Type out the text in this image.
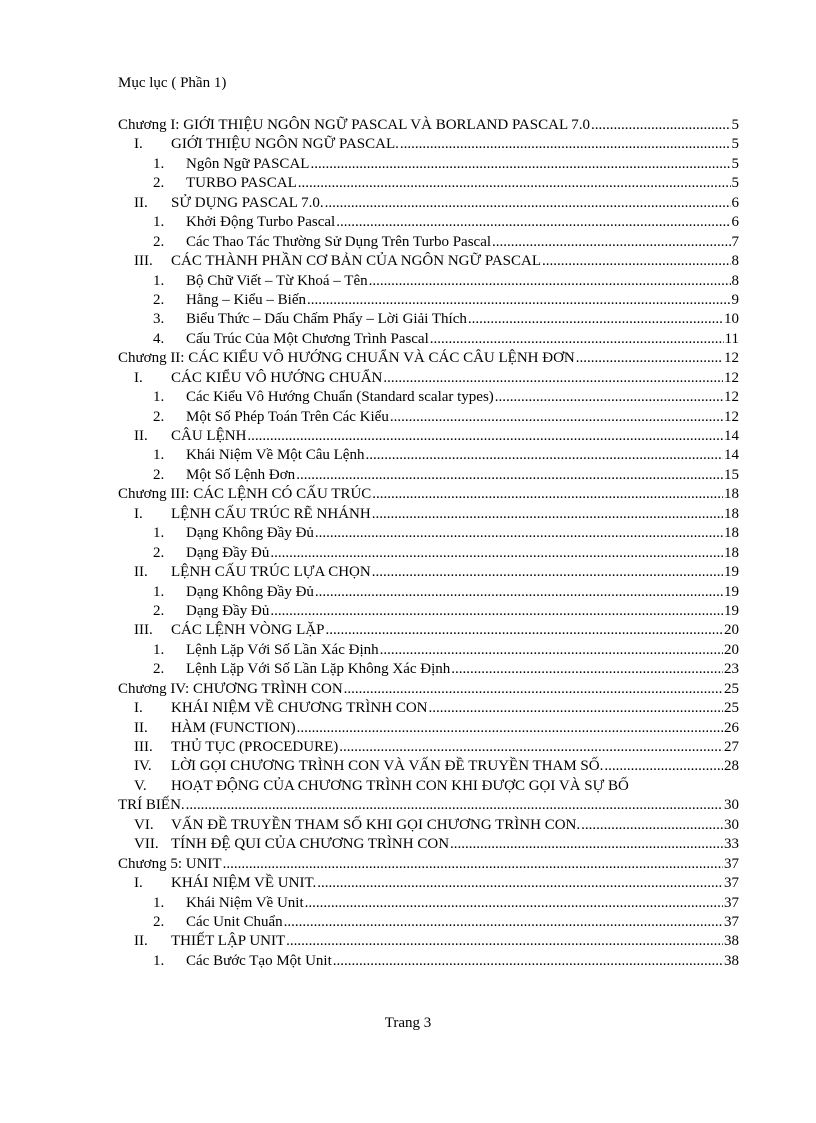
Mục lục ( Phần 1)
Chương I: GIỚI THIỆU NGÔN NGỮ PASCAL VÀ BORLAND PASCAL 7.0 .....	5
I.	GIỚI THIỆU NGÔN NGỮ PASCAL. .....	5
1.	Ngôn Ngữ PASCAL .....	5
2.	TURBO PASCAL .....	5
II.	SỬ DỤNG PASCAL 7.0. .....	6
1.	Khởi Động Turbo Pascal .....	6
2.	Các Thao Tác Thường Sử Dụng Trên Turbo Pascal .....	7
III.	CÁC THÀNH PHẦN CƠ BẢN CỦA NGÔN NGỮ PASCAL .....	8
1.	Bộ Chữ Viết – Từ Khoá – Tên .....	8
2.	Hằng – Kiểu – Biến .....	9
3.	Biểu Thức – Dấu Chấm Phẩy – Lời Giải Thích .....	10
4.	Cấu Trúc Của Một Chương Trình Pascal .....	11
Chương II: CÁC KIỂU VÔ HƯỚNG CHUẨN VÀ CÁC CÂU LỆNH ĐƠN .....	12
I.	CÁC KIỂU VÔ HƯỚNG CHUẨN .....	12
1.	Các Kiểu Vô Hướng Chuẩn (Standard scalar types) .....	12
2.	Một Số Phép Toán Trên Các Kiểu .....	12
II.	CÂU LỆNH .....	14
1.	Khái Niệm Về Một Câu Lệnh .....	14
2.	Một Số Lệnh Đơn .....	15
Chương III: CÁC LỆNH CÓ CẤU TRÚC .....	18
I.	LỆNH CẤU TRÚC RẼ NHÁNH .....	18
1.	Dạng Không Đầy Đủ .....	18
2.	Dạng Đầy Đủ .....	18
II.	LỆNH CẤU TRÚC LỰA CHỌN .....	19
1.	Dạng Không Đầy Đủ .....	19
2.	Dạng Đầy Đủ .....	19
III.	CÁC LỆNH VÒNG LẶP .....	20
1.	Lệnh Lặp Với Số Lần Xác Định .....	20
2.	Lệnh Lặp Với Số Lần Lặp Không Xác Định .....	23
Chương IV: CHƯƠNG TRÌNH CON .....	25
I.	KHÁI NIỆM VỀ CHƯƠNG TRÌNH CON .....	25
II.	HÀM (FUNCTION) .....	26
III.	THỦ TỤC (PROCEDURE) .....	27
IV.	LỜI GỌI CHƯƠNG TRÌNH CON VÀ VẤN ĐỀ TRUYỀN THAM SỐ. .....	28
V.	HOẠT ĐỘNG CỦA CHƯƠNG TRÌNH CON KHI ĐƯỢC GỌI VÀ SỰ BỐ
TRÍ BIẾN. .....	30
VI.	VẤN ĐỀ TRUYỀN THAM SỐ KHI GỌI CHƯƠNG TRÌNH CON. .....	30
VII. TÍNH ĐỆ QUI CỦA CHƯƠNG TRÌNH CON .....	33
Chương 5: UNIT .....	37
I.	KHÁI NIỆM VỀ UNIT. .....	37
1.	Khái Niệm Về Unit .....	37
2.	Các Unit Chuẩn .....	37
II.	THIẾT LẬP UNIT .....	38
1.	Các Bước Tạo Một Unit .....	38
Trang 3
